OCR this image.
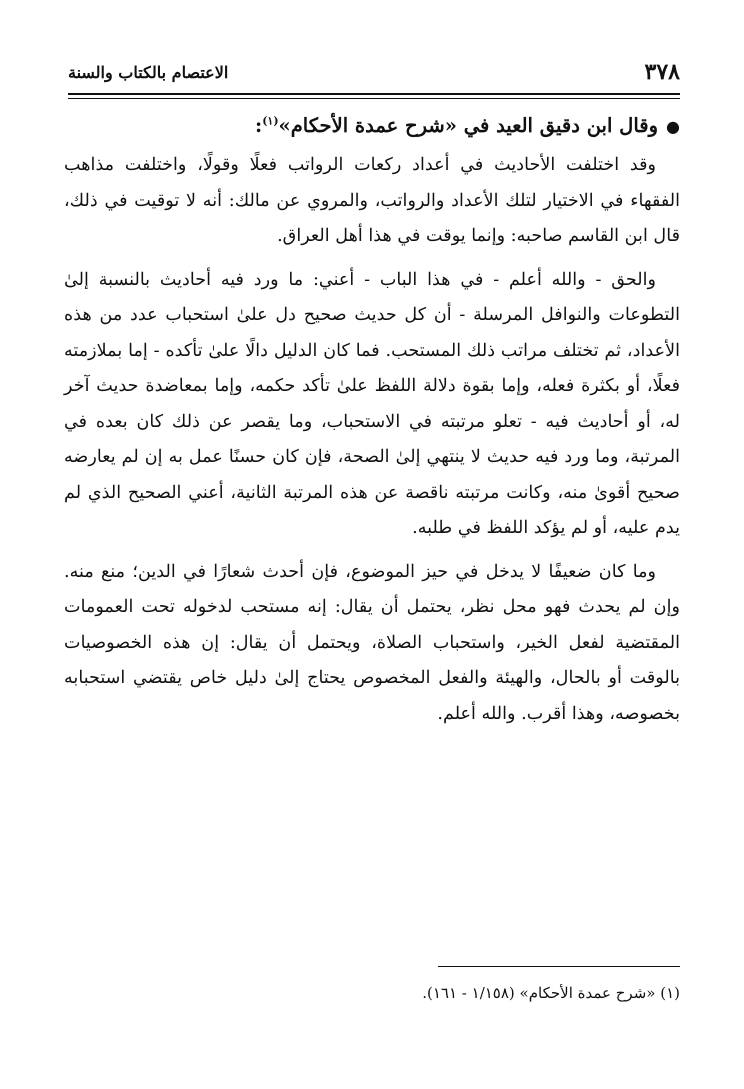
٣٧٨
الاعتصام بالكتاب والسنة
●وقال ابن دقيق العيد في «شرح عمدة الأحكام»$^{(١)}$:

وقد اختلفت الأحاديث في أعداد ركعات الرواتب فعلًا وقولًا، واختلفت مذاهب الفقهاء في الاختيار لتلك الأعداد والرواتب، والمروي عن مالك: أنه لا توقيت في ذلك، قال ابن القاسم صاحبه: وإنما يوقت في هذا أهل العراق.

والحق - والله أعلم - في هذا الباب - أعني: ما ورد فيه أحاديث بالنسبة إلىٰ التطوعات والنوافل المرسلة - أن كل حديث صحيح دل علىٰ استحباب عدد من هذه الأعداد، ثم تختلف مراتب ذلك المستحب. فما كان الدليل دالًا علىٰ تأكده - إما بملازمته فعلًا، أو بكثرة فعله، وإما بقوة دلالة اللفظ علىٰ تأكد حكمه، وإما بمعاضدة حديث آخر له، أو أحاديث فيه - تعلو مرتبته في الاستحباب، وما يقصر عن ذلك كان بعده في المرتبة، وما ورد فيه حديث لا ينتهي إلىٰ الصحة، فإن كان حسنًا عمل به إن لم يعارضه صحيح أقوىٰ منه، وكانت مرتبته ناقصة عن هذه المرتبة الثانية، أعني الصحيح الذي لم يدم عليه، أو لم يؤكد اللفظ في طلبه.

وما كان ضعيفًا لا يدخل في حيز الموضوع، فإن أحدث شعارًا في الدين؛ منع منه. وإن لم يحدث فهو محل نظر، يحتمل أن يقال: إنه مستحب لدخوله تحت العمومات المقتضية لفعل الخير، واستحباب الصلاة، ويحتمل أن يقال: إن هذه الخصوصيات بالوقت أو بالحال، والهيئة والفعل المخصوص يحتاج إلىٰ دليل خاص يقتضي استحبابه بخصوصه، وهذا أقرب. والله أعلم.

(١) «شرح عمدة الأحكام» (١/١٥٨ - ١٦١).
